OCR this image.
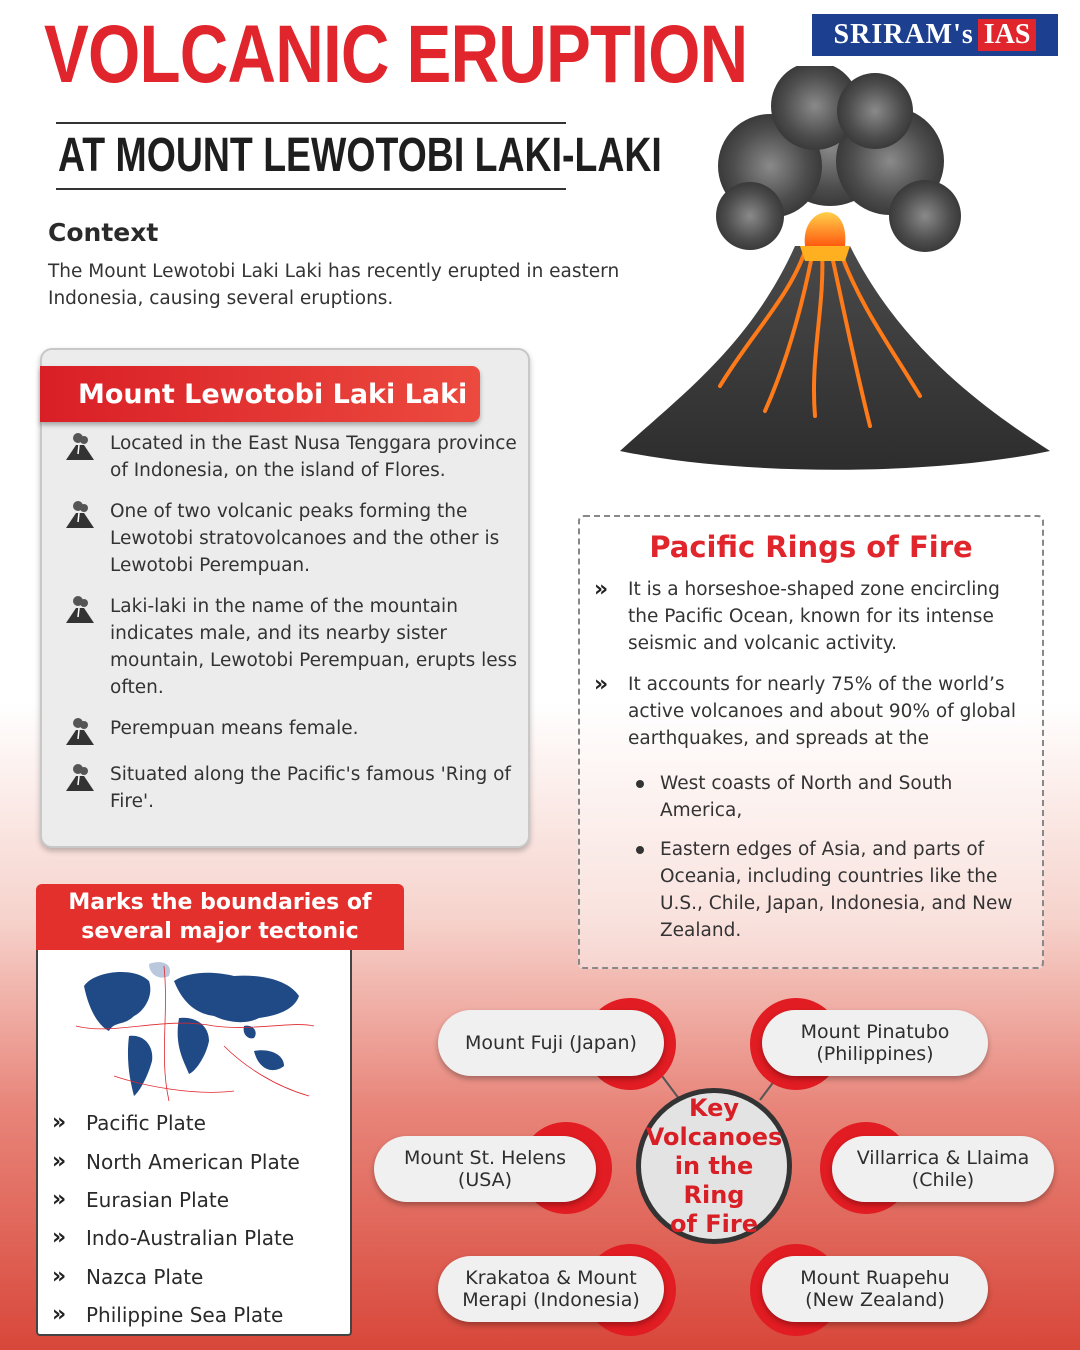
VOLCANIC ERUPTION
AT MOUNT LEWOTOBI LAKI-LAKI
SRIRAM's IAS
Context
The Mount Lewotobi Laki Laki has recently erupted in eastern Indonesia, causing several eruptions.
Mount Lewotobi Laki Laki
Located in the East Nusa Tenggara province of Indonesia, on the island of Flores.
One of two volcanic peaks forming the Lewotobi stratovolcanoes and the other is Lewotobi Perempuan.
Laki-laki in the name of the mountain indicates male, and its nearby sister mountain, Lewotobi Perempuan, erupts less often.
Perempuan means female.
Situated along the Pacific's famous 'Ring of Fire'.
Pacific Rings of Fire
››	It is a horseshoe-shaped zone encircling the Pacific Ocean, known for its intense seismic and volcanic activity.
››	It accounts for nearly 75% of the world’s active volcanoes and about 90% of global earthquakes, and spreads at the
West coasts of North and South America,
Eastern edges of Asia, and parts of Oceania, including countries like the U.S., Chile, Japan, Indonesia, and New Zealand.
Marks the boundaries of
several major tectonic plates:
››	Pacific Plate
››	North American Plate
››	Eurasian Plate
››	Indo-Australian Plate
››	Nazca Plate
››	Philippine Sea Plate
Mount Fuji (Japan)	Mount Pinatubo
(Philippines)
Mount St. Helens
(USA)
Villarrica & Llaima
(Chile)
Krakatoa & Mount
Merapi (Indonesia)
Mount Ruapehu
(New Zealand)
Key
Volcanoes
in the Ring
of Fire
